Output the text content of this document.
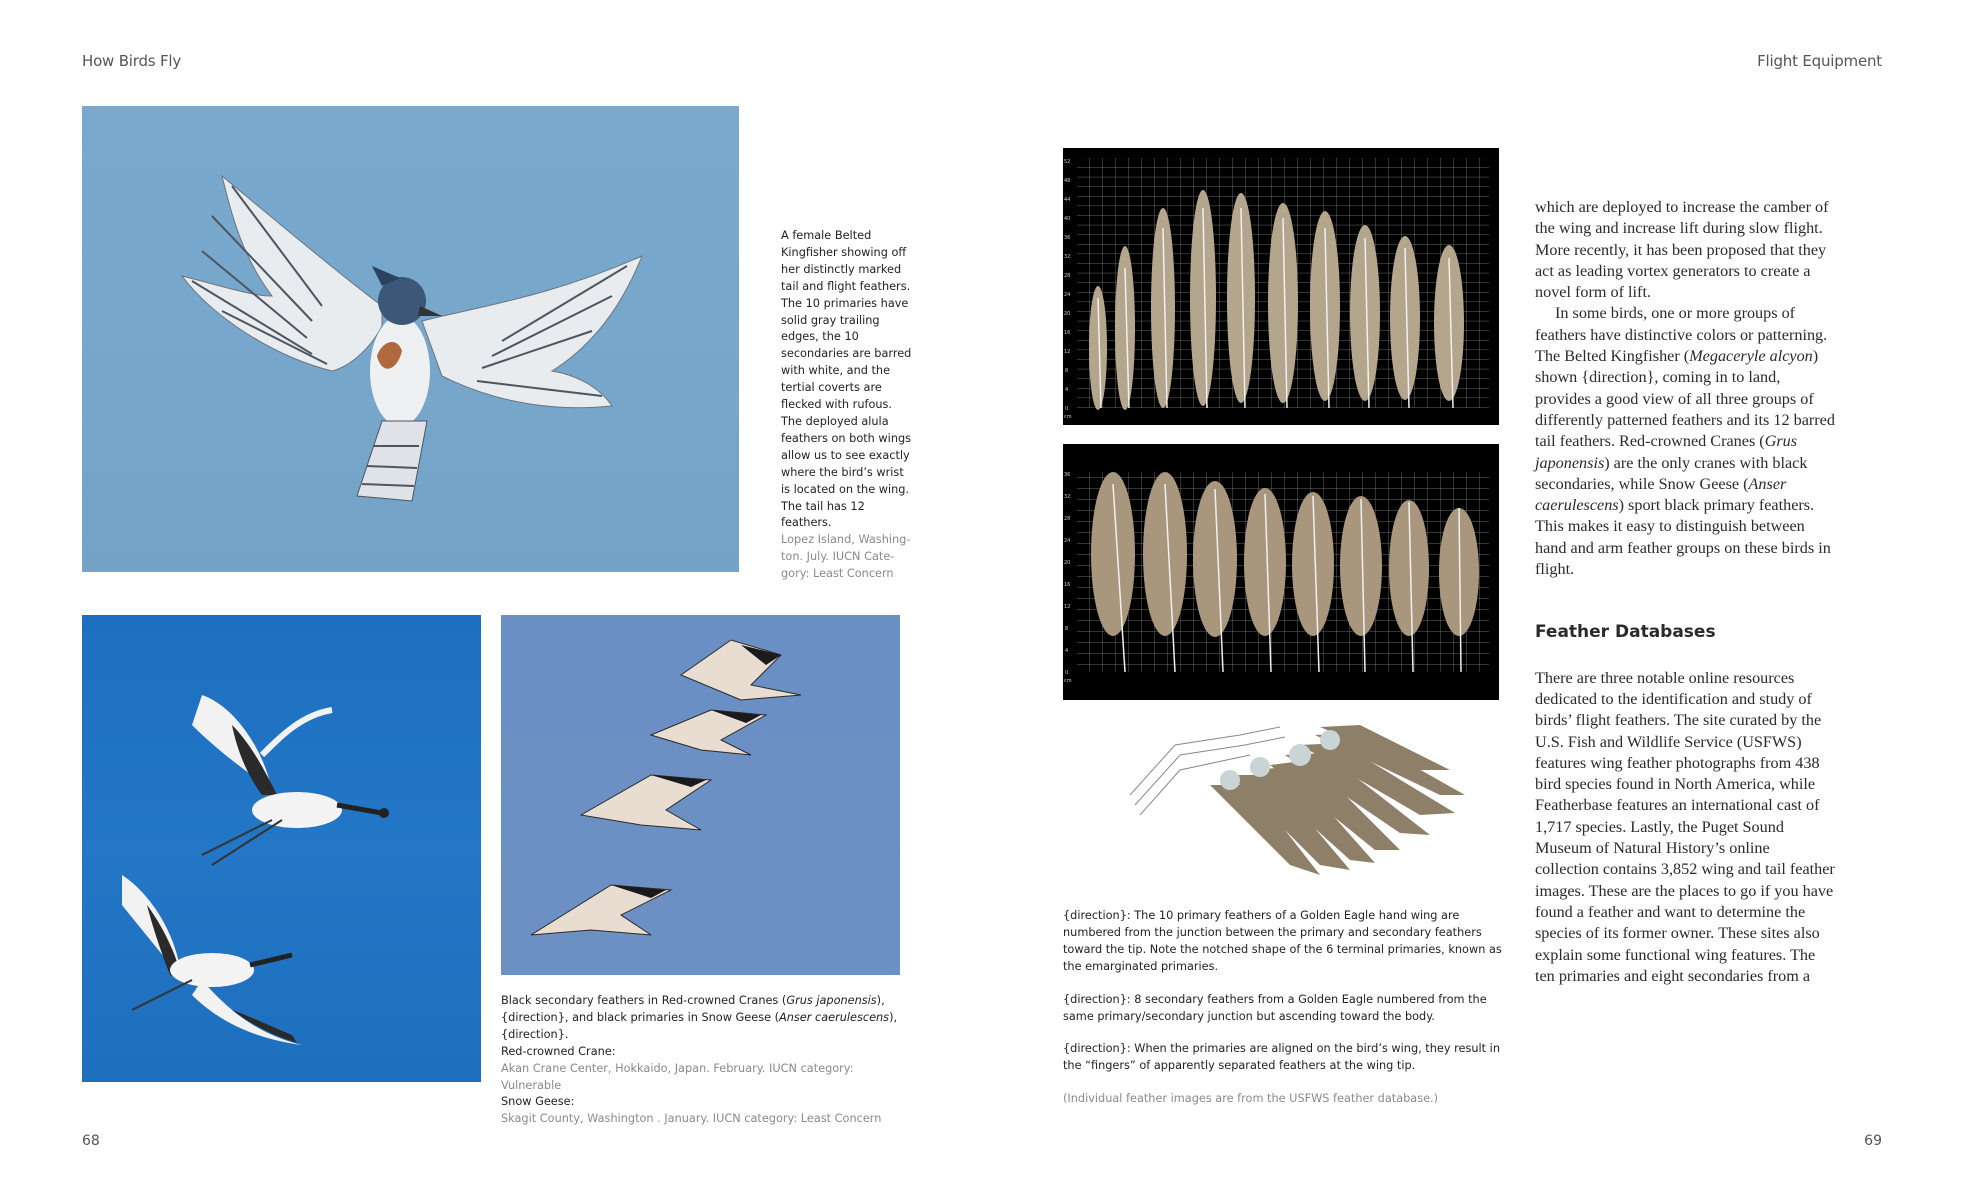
How Birds Fly	Flight Equipment

A female Belted Kingfisher showing off her distinctly marked tail and flight feathers. The 10 primaries have solid gray trailing edges, the 10 secondaries are barred with white, and the tertial coverts are flecked with rufous. The deployed alula feathers on both wings allow us to see exactly where the bird’s wrist is located on the wing. The tail has 12 feathers.

Lopez Island, Washington. July. IUCN Category: Least Concern

Black secondary feathers in Red-crowned Cranes (Grus japonensis), {direction}, and black primaries in Snow Geese (Anser caerulescens), {direction}.

Red-crowned Crane:

Akan Crane Center, Hokkaido, Japan. February. IUCN category: Vulnerable

Snow Geese:

Skagit County, Washington . January. IUCN category: Least Concern

68
0
4
8
12
16
20
24
28
32
36
40
44
48
52
cm
0
4
8
12
16
20
24
28
32
36
cm

{direction}: The 10 primary feathers of a Golden Eagle hand wing are numbered from the junction between the primary and secondary feathers toward the tip. Note the notched shape of the 6 terminal primaries, known as the emarginated primaries.

{direction}: 8 secondary feathers from a Golden Eagle numbered from the same primary/secondary junction but ascending toward the body.

{direction}: When the primaries are aligned on the bird’s wing, they result in the “fingers” of apparently separated feathers at the wing tip.

(Individual feather images are from the USFWS feather database.)

which are deployed to increase the camber of the wing and increase lift during slow flight. More recently, it has been proposed that they act as leading vortex generators to create a novel form of lift.

In some birds, one or more groups of feathers have distinctive colors or patterning. The Belted Kingfisher (Megaceryle alcyon) shown {direction}, coming in to land, provides a good view of all three groups of differently patterned feathers and its 12 barred tail feathers. Red-crowned Cranes (Grus japonensis) are the only cranes with black secondaries, while Snow Geese (Anser caerulescens) sport black primary feathers. This makes it easy to distinguish between hand and arm feather groups on these birds in flight.

Feather Databases

There are three notable online resources dedicated to the identification and study of birds’ flight feathers. The site curated by the U.S. Fish and Wildlife Service (USFWS) features wing feather photographs from 438 bird species found in North America, while Featherbase features an international cast of 1,717 species. Lastly, the Puget Sound Museum of Natural History’s online collection contains 3,852 wing and tail feather images. These are the places to go if you have found a feather and want to determine the species of its former owner. These sites also explain some functional wing features. The ten primaries and eight secondaries from a

69
